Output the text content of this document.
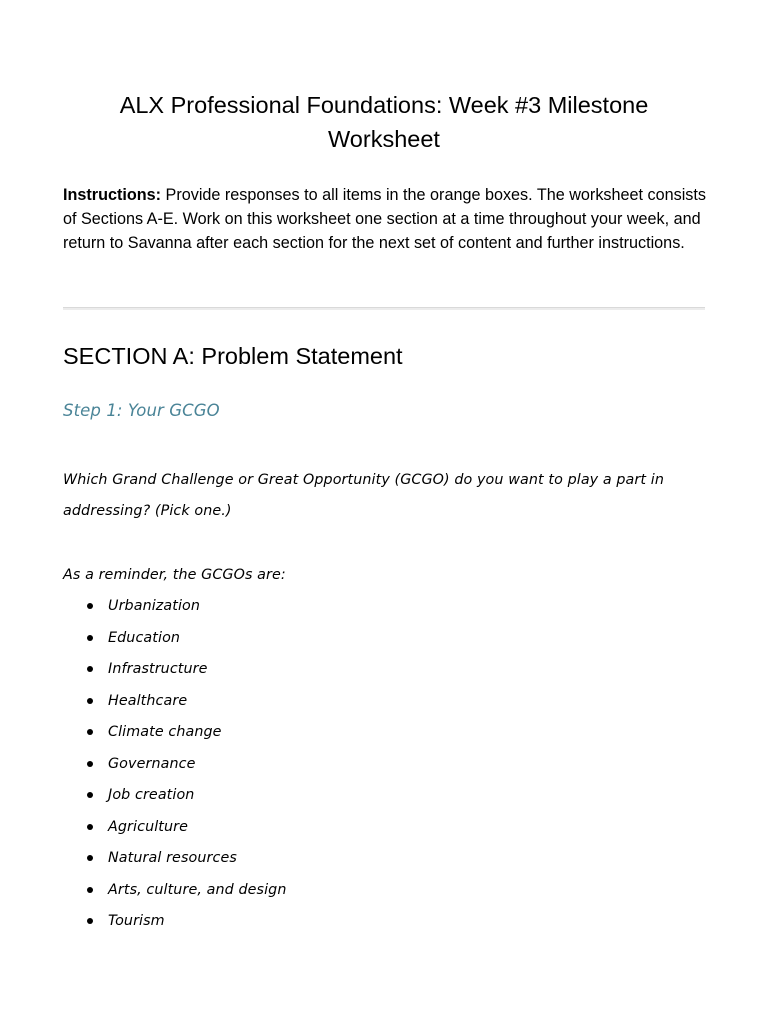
ALX Professional Foundations: Week #3 Milestone
Worksheet

Instructions: Provide responses to all items in the orange boxes. The worksheet consists of Sections A-E. Work on this worksheet one section at a time throughout your week, and return to Savanna after each section for the next set of content and further instructions.

SECTION A: Problem Statement
Step 1: Your GCGO

Which Grand Challenge or Great Opportunity (GCGO) do you want to play a part in addressing? (Pick one.)

As a reminder, the GCGOs are:

Urbanization
Education
Infrastructure
Healthcare
Climate change
Governance
Job creation
Agriculture
Natural resources
Arts, culture, and design
Tourism
